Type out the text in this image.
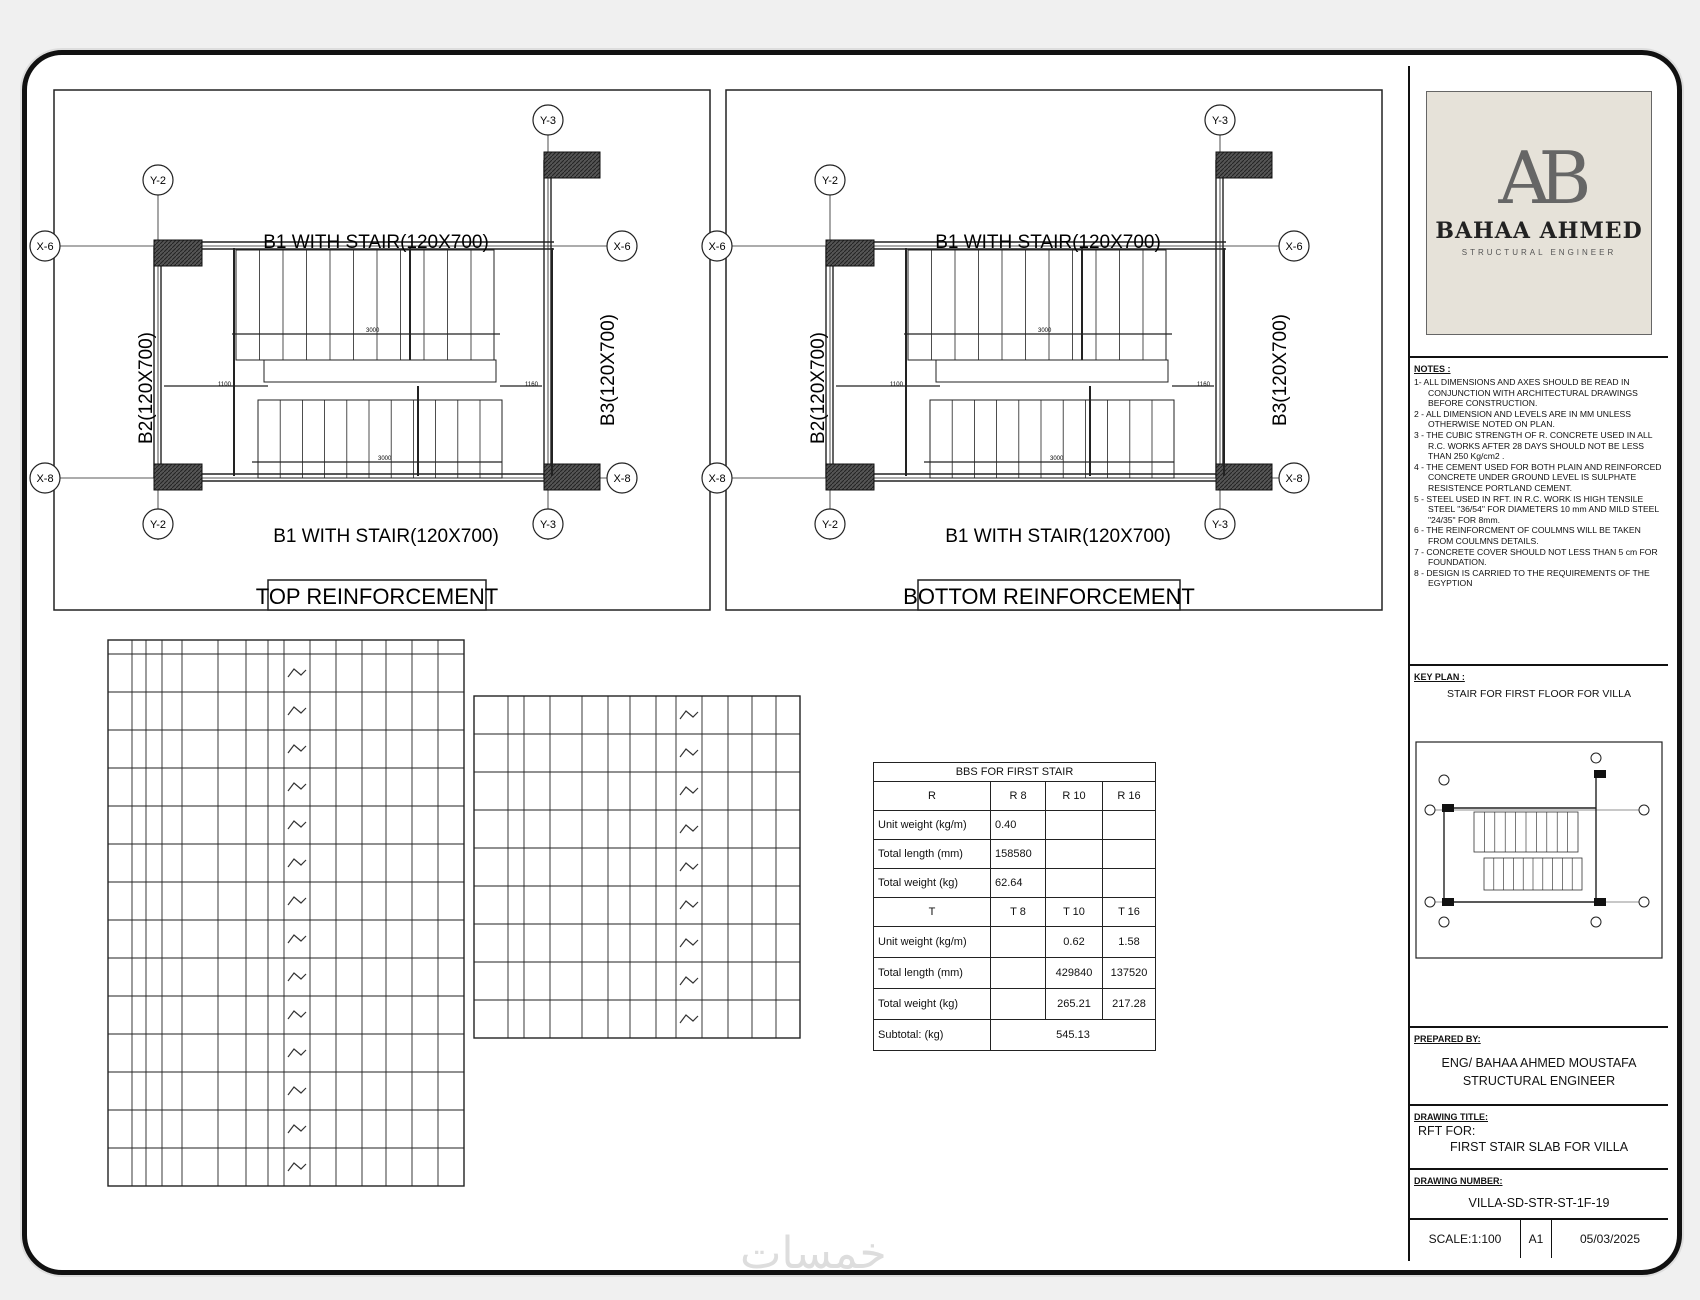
X-6	X-6
X-8	X-8
Y-2
Y-2
Y-3
Y-3
1100	1160
3000
3000
B1 WITH STAIR(120X700)
B1 WITH STAIR(120X700)
B2(120X700)	B3(120X700)
X-6	X-6
X-8	X-8
Y-2
Y-2
Y-3
Y-3
1100	1160
3000
3000
B1 WITH STAIR(120X700)
B1 WITH STAIR(120X700)
B2(120X700)	B3(120X700)
TOP REINFORCEMENT	BOTTOM REINFORCEMENT
BBS FOR FIRST STAIR			
R	R 8	R 10	R 16
Unit weight (kg/m)	0.40		
Total length (mm)	158580		
Total weight (kg)	62.64		
T	T 8	T 10	T 16
Unit weight (kg/m)		0.62	1.58
Total length (mm)		429840	137520
Total weight (kg)		265.21	217.28
Subtotal: (kg)	545.13		
AB
BAHAA AHMED
STRUCTURAL ENGINEER
NOTES :
1- ALL DIMENSIONS AND AXES SHOULD BE READ IN CONJUNCTION WITH ARCHITECTURAL DRAWINGS BEFORE CONSTRUCTION.
2 - ALL DIMENSION AND LEVELS ARE IN MM UNLESS OTHERWISE NOTED ON PLAN.
3 - THE CUBIC STRENGTH OF R. CONCRETE USED IN ALL R.C. WORKS AFTER 28 DAYS SHOULD NOT BE LESS THAN 250 Kg/cm2 .
4 - THE CEMENT USED FOR BOTH PLAIN AND REINFORCED CONCRETE UNDER GROUND LEVEL IS SULPHATE RESISTENCE PORTLAND CEMENT.
5 - STEEL USED IN RFT. IN R.C. WORK IS HIGH TENSILE STEEL "36/54" FOR DIAMETERS 10 mm AND MILD STEEL "24/35" FOR 8mm.
6 - THE REINFORCMENT OF COULMNS WILL BE TAKEN FROM COULMNS DETAILS.
7 - CONCRETE COVER SHOULD NOT LESS THAN 5 cm FOR FOUNDATION.
8 - DESIGN IS CARRIED TO THE REQUIREMENTS OF THE EGYPTION
KEY PLAN :
STAIR FOR FIRST FLOOR FOR VILLA
PREPARED BY:
ENG/ BAHAA AHMED MOUSTAFA
STRUCTURAL ENGINEER
DRAWING TITLE:
RFT FOR:
FIRST STAIR SLAB FOR VILLA
DRAWING NUMBER:
VILLA-SD-STR-ST-1F-19
SCALE:1:100	A1	05/03/2025
خمسات
